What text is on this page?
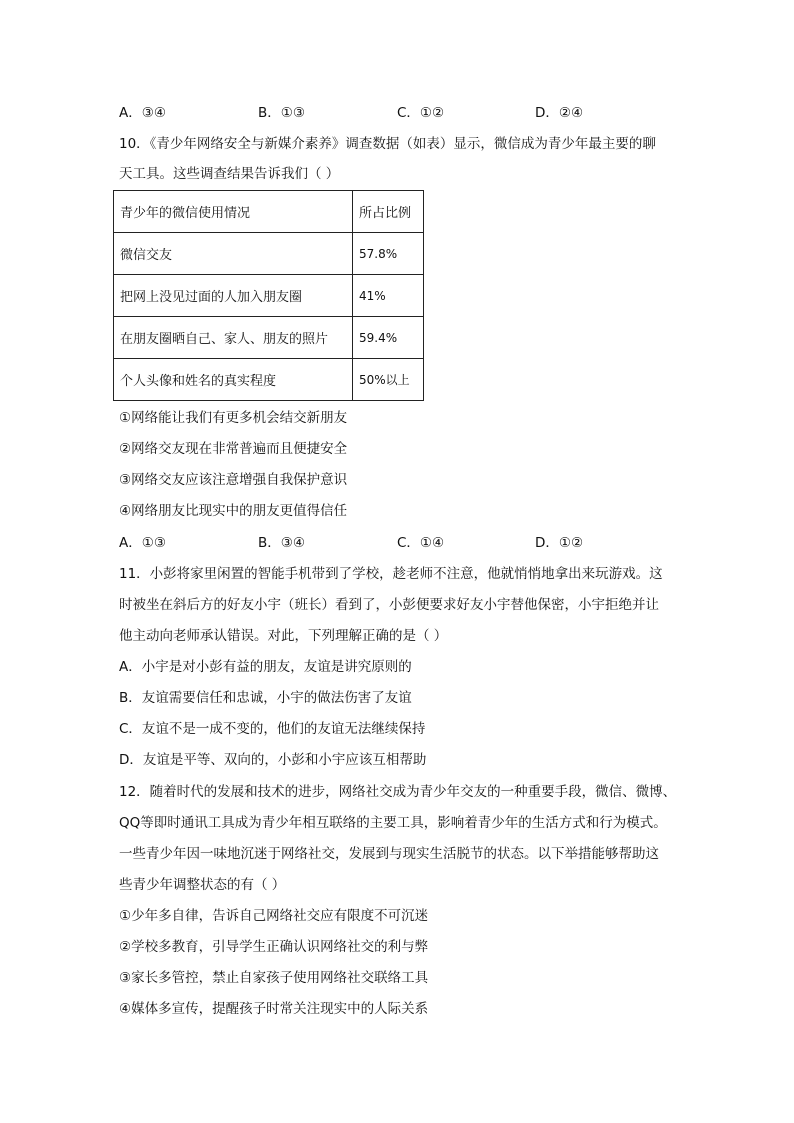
A．③④	B．①③	C．①②	D．②④
10．《青少年网络安全与新媒介素养》调查数据（如表）显示，微信成为青少年最主要的聊
天工具。这些调查结果告诉我们（ ）
青少年的微信使用情况	所占比例
微信交友	57.8%
把网上没见过面的人加入朋友圈	41%
在朋友圈晒自己、家人、朋友的照片	59.4%
个人头像和姓名的真实程度	50%以上
①网络能让我们有更多机会结交新朋友
②网络交友现在非常普遍而且便捷安全
③网络交友应该注意增强自我保护意识
④网络朋友比现实中的朋友更值得信任
A．①③	B．③④	C．①④	D．①②
11．小彭将家里闲置的智能手机带到了学校，趁老师不注意，他就悄悄地拿出来玩游戏。这
时被坐在斜后方的好友小宇（班长）看到了，小彭便要求好友小宇替他保密，小宇拒绝并让
他主动向老师承认错误。对此，下列理解正确的是（ ）
A．小宇是对小彭有益的朋友，友谊是讲究原则的
B．友谊需要信任和忠诚，小宇的做法伤害了友谊
C．友谊不是一成不变的，他们的友谊无法继续保持
D．友谊是平等、双向的，小彭和小宇应该互相帮助
12．随着时代的发展和技术的进步，网络社交成为青少年交友的一种重要手段，微信、微博、
QQ等即时通讯工具成为青少年相互联络的主要工具，影响着青少年的生活方式和行为模式。
一些青少年因一味地沉迷于网络社交，发展到与现实生活脱节的状态。以下举措能够帮助这
些青少年调整状态的有（ ）
①少年多自律，告诉自己网络社交应有限度不可沉迷
②学校多教育，引导学生正确认识网络社交的利与弊
③家长多管控，禁止自家孩子使用网络社交联络工具
④媒体多宣传，提醒孩子时常关注现实中的人际关系
